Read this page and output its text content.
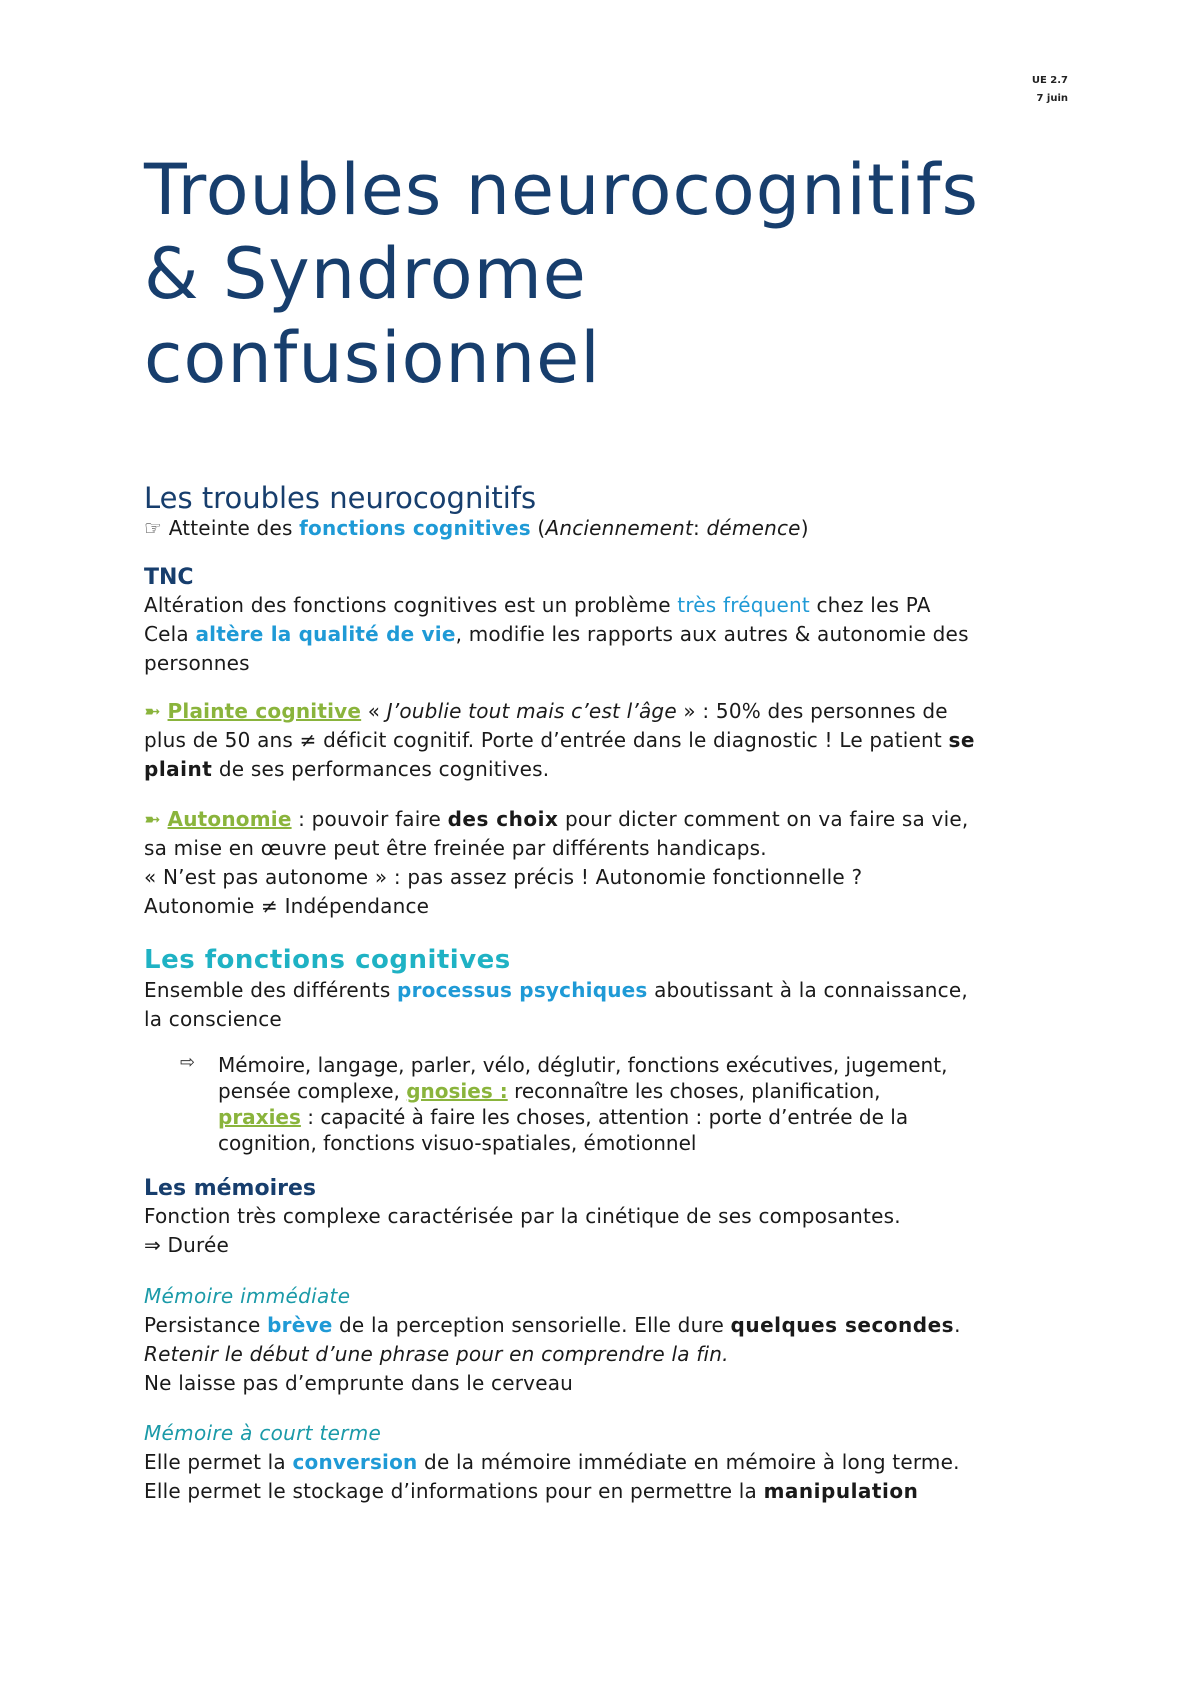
UE 2.7
7 juin
Troubles neurocognitifs
& Syndrome
confusionnel
Les troubles neurocognitifs
☞ Atteinte des fonctions cognitives (Anciennement: démence)
TNC
Altération des fonctions cognitives est un problème très fréquent chez les PA
Cela altère la qualité de vie, modifie les rapports aux autres & autonomie des
personnes
➼ Plainte cognitive « J’oublie tout mais c’est l’âge » : 50% des personnes de
plus de 50 ans ≠ déficit cognitif. Porte d’entrée dans le diagnostic ! Le patient se
plaint de ses performances cognitives.
➼ Autonomie : pouvoir faire des choix pour dicter comment on va faire sa vie,
sa mise en œuvre peut être freinée par différents handicaps.
« N’est pas autonome » : pas assez précis ! Autonomie fonctionnelle ?
Autonomie ≠ Indépendance
Les fonctions cognitives
Ensemble des différents processus psychiques aboutissant à la connaissance,
la conscience
⇨ Mémoire, langage, parler, vélo, déglutir, fonctions exécutives, jugement,
pensée complexe, gnosies : reconnaître les choses, planification,
praxies : capacité à faire les choses, attention : porte d’entrée de la
cognition, fonctions visuo-spatiales, émotionnel
Les mémoires
Fonction très complexe caractérisée par la cinétique de ses composantes.
⇒ Durée
Mémoire immédiate
Persistance brève de la perception sensorielle. Elle dure quelques secondes.
Retenir le début d’une phrase pour en comprendre la fin.
Ne laisse pas d’emprunte dans le cerveau
Mémoire à court terme
Elle permet la conversion de la mémoire immédiate en mémoire à long terme.
Elle permet le stockage d’informations pour en permettre la manipulation
